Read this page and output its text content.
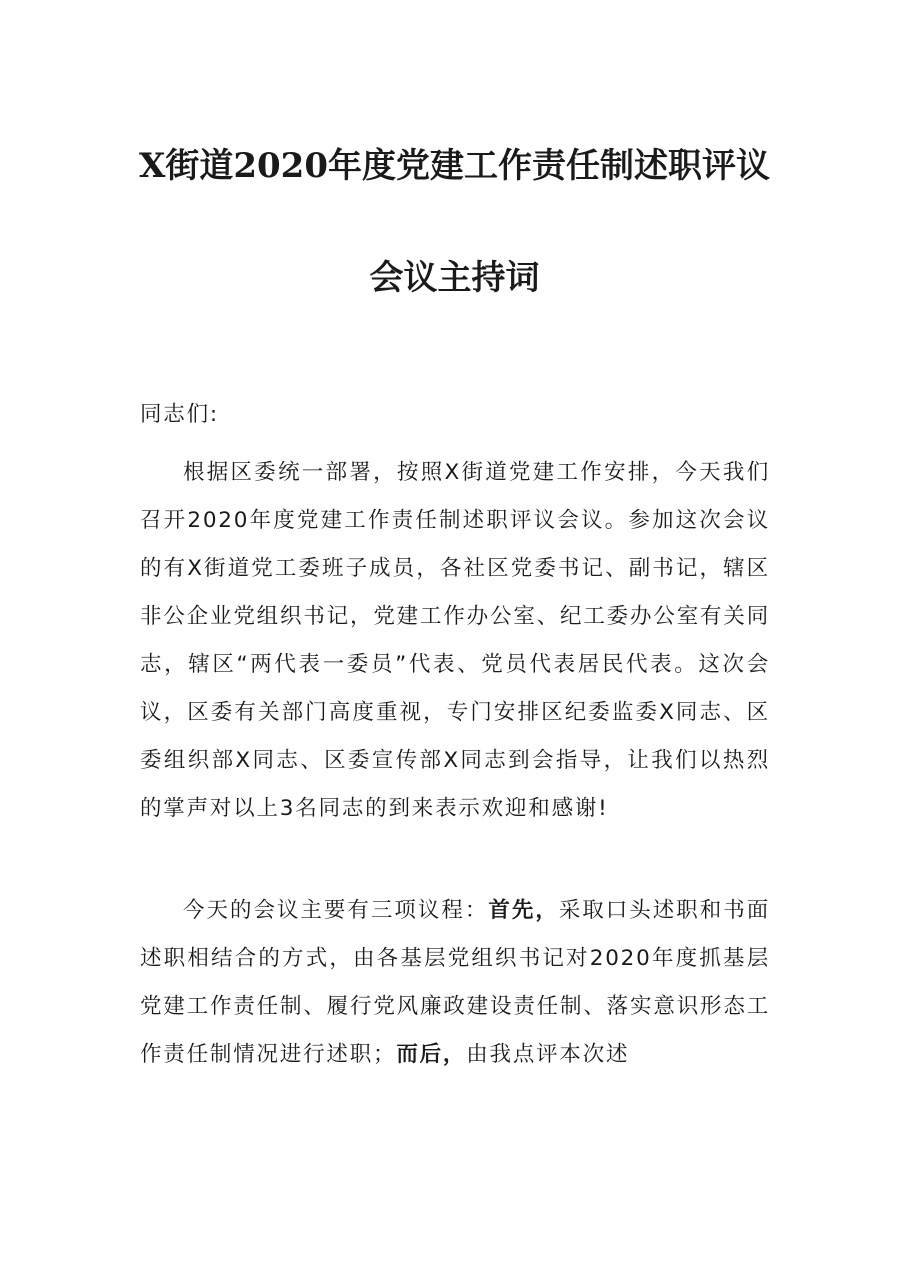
X街道2020年度党建工作责任制述职评议
会议主持词

同志们:

根据区委统一部署，按照X街道党建工作安排，今天我们召开2020年度党建工作责任制述职评议会议。参加这次会议的有X街道党工委班子成员，各社区党委书记、副书记，辖区非公企业党组织书记，党建工作办公室、纪工委办公室有关同志，辖区“两代表一委员”代表、党员代表居民代表。这次会议，区委有关部门高度重视，专门安排区纪委监委X同志、区委组织部X同志、区委宣传部X同志到会指导，让我们以热烈的掌声对以上3名同志的到来表示欢迎和感谢!

今天的会议主要有三项议程：首先，采取口头述职和书面述职相结合的方式，由各基层党组织书记对2020年度抓基层党建工作责任制、履行党风廉政建设责任制、落实意识形态工作责任制情况进行述职；而后，由我点评本次述
